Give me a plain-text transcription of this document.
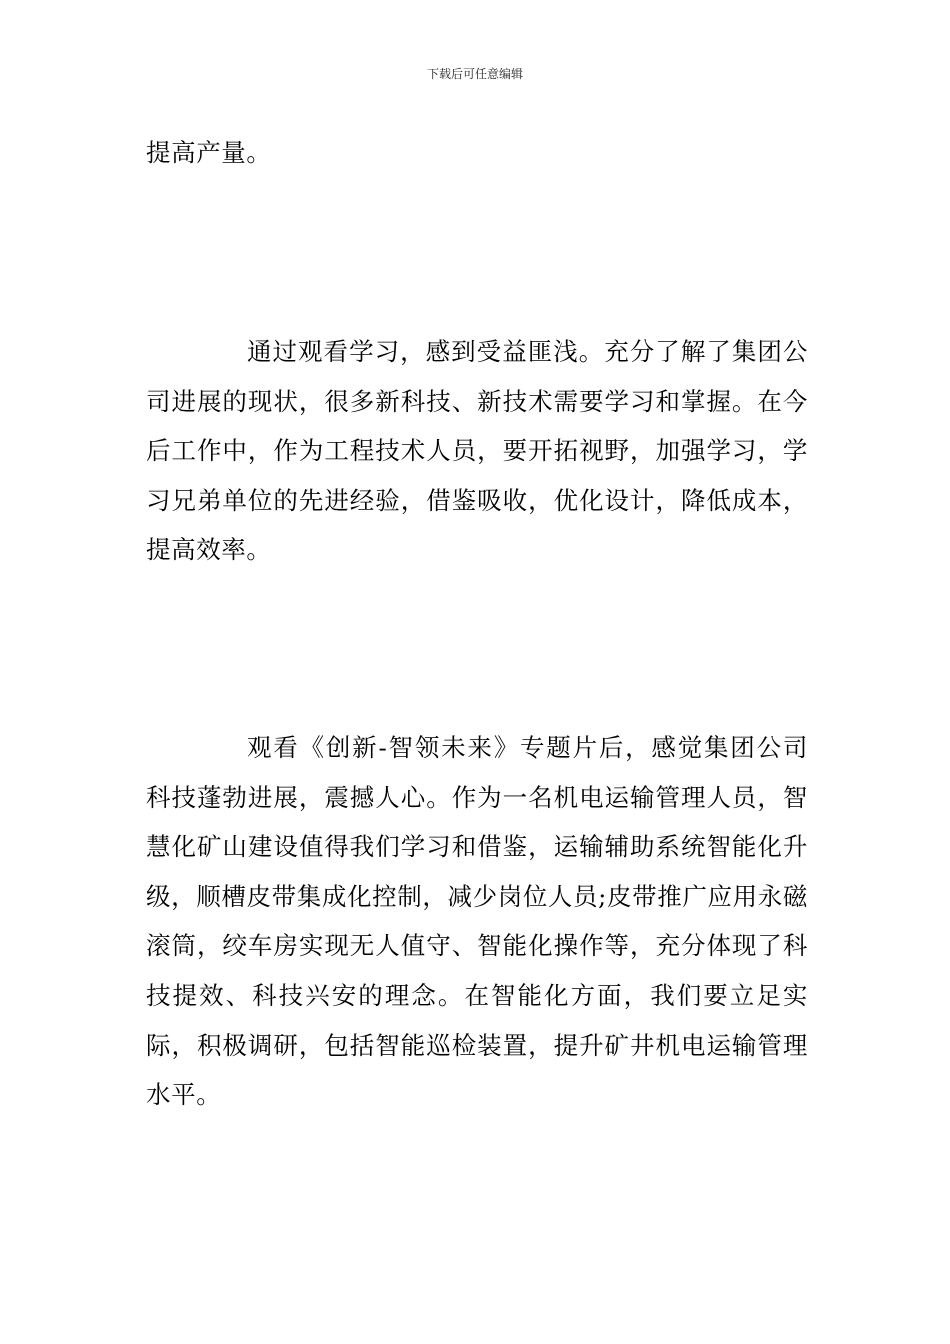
下载后可任意编辑

提高产量。

通过观看学习，感到受益匪浅。充分了解了集团公司进展的现状，很多新科技、新技术需要学习和掌握。在今后工作中，作为工程技术人员，要开拓视野，加强学习，学习兄弟单位的先进经验，借鉴吸收，优化设计，降低成本，提高效率。

观看《创新-智领未来》专题片后，感觉集团公司科技蓬勃进展，震撼人心。作为一名机电运输管理人员，智慧化矿山建设值得我们学习和借鉴，运输辅助系统智能化升级，顺槽皮带集成化控制，减少岗位人员;皮带推广应用永磁滚筒，绞车房实现无人值守、智能化操作等，充分体现了科技提效、科技兴安的理念。在智能化方面，我们要立足实际，积极调研，包括智能巡检装置，提升矿井机电运输管理水平。
